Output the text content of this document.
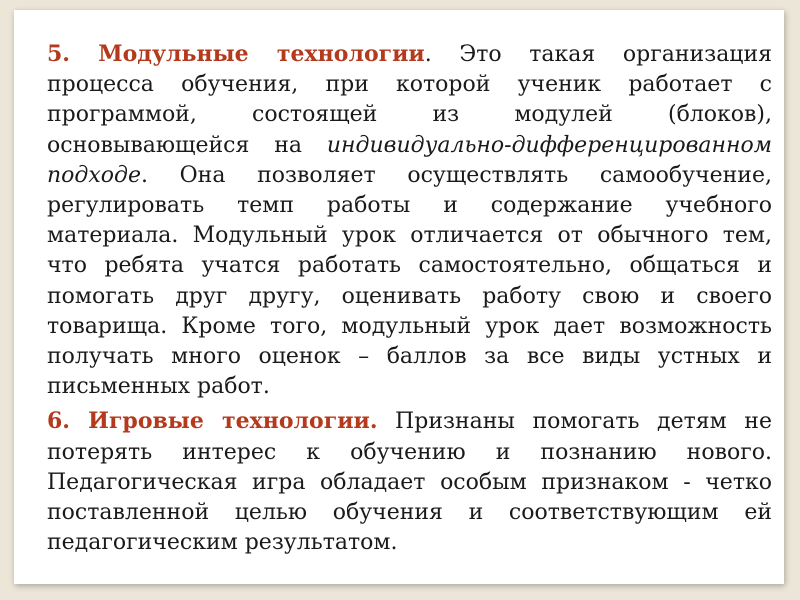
5. Модульные технологии. Это такая организация процесса обучения, при которой ученик работает с программой, состоящей из модулей (блоков), основывающейся на индивидуально-дифференцированном подходе. Она позволяет осуществлять самообучение, регулировать темп работы и содержание учебного материала. Модульный урок отличается от обычного тем, что ребята учатся работать самостоятельно, общаться и помогать друг другу, оценивать работу свою и своего товарища. Кроме того, модульный урок дает возможность получать много оценок – баллов за все виды устных и письменных работ.

6. Игровые технологии. Признаны помогать детям не потерять интерес к обучению и познанию нового. Педагогическая игра обладает особым признаком - четко поставленной целью обучения и соответствующим ей педагогическим результатом.
